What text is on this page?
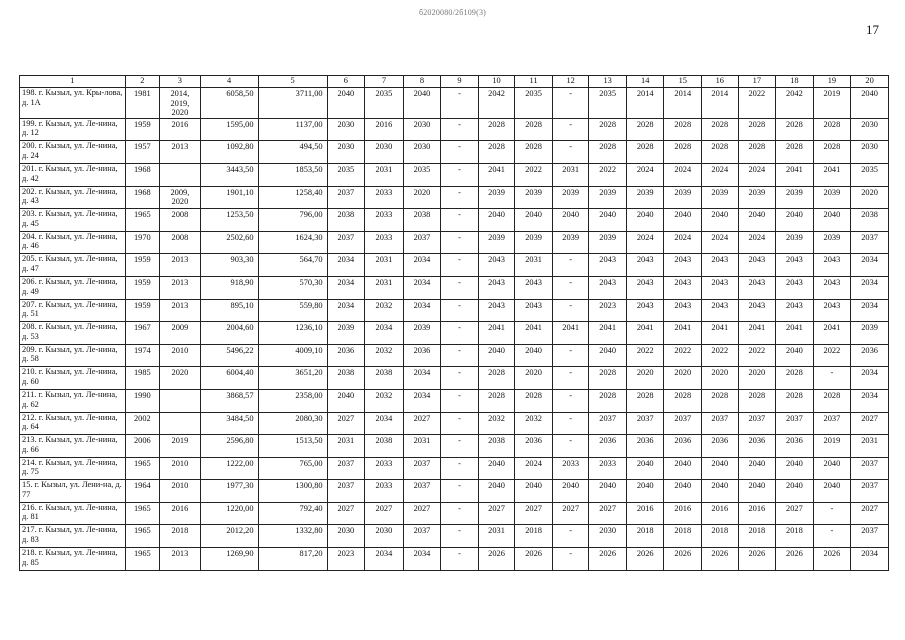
б2020080/2б109(3)
17
1	2	3	4	5	6	7	8	9	10	11	12	13	14	15	16	17	18	19	20
198. г. Кызыл, ул. Кры-лова, д. 1А	1981	2014, 2019, 2020	6058,50	3711,00	2040	2035	2040	-	2042	2035	-	2035	2014	2014	2014	2022	2042	2019	2040
199. г. Кызыл, ул. Ле-нина, д. 12	1959	2016	1595,00	1137,00	2030	2016	2030	-	2028	2028	-	2028	2028	2028	2028	2028	2028	2028	2030
200. г. Кызыл, ул. Ле-нина, д. 24	1957	2013	1092,80	494,50	2030	2030	2030	-	2028	2028	-	2028	2028	2028	2028	2028	2028	2028	2030
201. г. Кызыл, ул. Ле-нина, д. 42	1968		3443,50	1853,50	2035	2031	2035	-	2041	2022	2031	2022	2024	2024	2024	2024	2041	2041	2035
202. г. Кызыл, ул. Ле-нина, д. 43	1968	2009, 2020	1901,10	1258,40	2037	2033	2020	-	2039	2039	2039	2039	2039	2039	2039	2039	2039	2039	2020
203. г. Кызыл, ул. Ле-нина, д. 45	1965	2008	1253,50	796,00	2038	2033	2038	-	2040	2040	2040	2040	2040	2040	2040	2040	2040	2040	2038
204. г. Кызыл, ул. Ле-нина, д. 46	1970	2008	2502,60	1624,30	2037	2033	2037	-	2039	2039	2039	2039	2024	2024	2024	2024	2039	2039	2037
205. г. Кызыл, ул. Ле-нина, д. 47	1959	2013	903,30	564,70	2034	2031	2034	-	2043	2031	-	2043	2043	2043	2043	2043	2043	2043	2034
206. г. Кызыл, ул. Ле-нина, д. 49	1959	2013	918,90	570,30	2034	2031	2034	-	2043	2043	-	2043	2043	2043	2043	2043	2043	2043	2034
207. г. Кызыл, ул. Ле-нина, д. 51	1959	2013	895,10	559,80	2034	2032	2034	-	2043	2043	-	2023	2043	2043	2043	2043	2043	2043	2034
208. г. Кызыл, ул. Ле-нина, д. 53	1967	2009	2004,60	1236,10	2039	2034	2039	-	2041	2041	2041	2041	2041	2041	2041	2041	2041	2041	2039
209. г. Кызыл, ул. Ле-нина, д. 58	1974	2010	5496,22	4009,10	2036	2032	2036	-	2040	2040	-	2040	2022	2022	2022	2022	2040	2022	2036
210. г. Кызыл, ул. Ле-нина, д. 60	1985	2020	6004,40	3651,20	2038	2038	2034	-	2028	2020	-	2028	2020	2020	2020	2020	2028	-	2034
211. г. Кызыл, ул. Ле-нина, д. 62	1990		3868,57	2358,00	2040	2032	2034	-	2028	2028	-	2028	2028	2028	2028	2028	2028	2028	2034
212. г. Кызыл, ул. Ле-нина, д. 64	2002		3484,50	2080,30	2027	2034	2027	-	2032	2032	-	2037	2037	2037	2037	2037	2037	2037	2027
213. г. Кызыл, ул. Ле-нина, д. 66	2006	2019	2596,80	1513,50	2031	2038	2031	-	2038	2036	-	2036	2036	2036	2036	2036	2036	2019	2031
214. г. Кызыл, ул. Ле-нина, д. 75	1965	2010	1222,00	765,00	2037	2033	2037	-	2040	2024	2033	2033	2040	2040	2040	2040	2040	2040	2037
15. г. Кызыл, ул. Лени-на, д. 77	1964	2010	1977,30	1300,80	2037	2033	2037	-	2040	2040	2040	2040	2040	2040	2040	2040	2040	2040	2037
216. г. Кызыл, ул. Ле-нина, д. 81	1965	2016	1220,00	792,40	2027	2027	2027	-	2027	2027	2027	2027	2016	2016	2016	2016	2027	-	2027
217. г. Кызыл, ул. Ле-нина, д. 83	1965	2018	2012,20	1332,80	2030	2030	2037	-	2031	2018	-	2030	2018	2018	2018	2018	2018	-	2037
218. г. Кызыл, ул. Ле-нина, д. 85	1965	2013	1269,90	817,20	2023	2034	2034	-	2026	2026	-	2026	2026	2026	2026	2026	2026	2026	2034
